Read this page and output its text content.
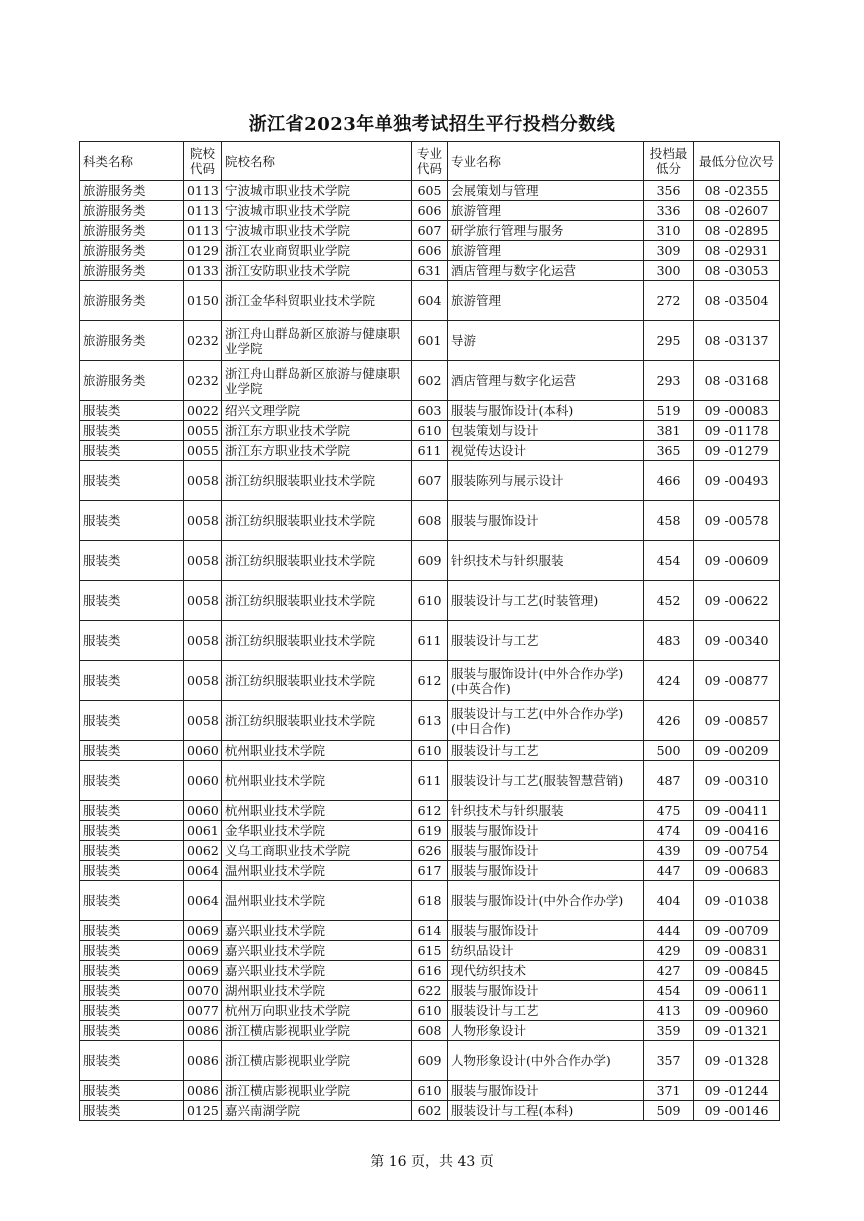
浙江省2023年单独考试招生平行投档分数线
科类名称	院校代码	院校名称	专业代码	专业名称	投档最低分	最低分位次号
旅游服务类	0113	宁波城市职业技术学院	605	会展策划与管理	356	08 -02355
旅游服务类	0113	宁波城市职业技术学院	606	旅游管理	336	08 -02607
旅游服务类	0113	宁波城市职业技术学院	607	研学旅行管理与服务	310	08 -02895
旅游服务类	0129	浙江农业商贸职业学院	606	旅游管理	309	08 -02931
旅游服务类	0133	浙江安防职业技术学院	631	酒店管理与数字化运营	300	08 -03053
旅游服务类	0150	浙江金华科贸职业技术学院	604	旅游管理	272	08 -03504
旅游服务类	0232	浙江舟山群岛新区旅游与健康职业学院	601	导游	295	08 -03137
旅游服务类	0232	浙江舟山群岛新区旅游与健康职业学院	602	酒店管理与数字化运营	293	08 -03168
服装类	0022	绍兴文理学院	603	服装与服饰设计(本科)	519	09 -00083
服装类	0055	浙江东方职业技术学院	610	包装策划与设计	381	09 -01178
服装类	0055	浙江东方职业技术学院	611	视觉传达设计	365	09 -01279
服装类	0058	浙江纺织服装职业技术学院	607	服装陈列与展示设计	466	09 -00493
服装类	0058	浙江纺织服装职业技术学院	608	服装与服饰设计	458	09 -00578
服装类	0058	浙江纺织服装职业技术学院	609	针织技术与针织服装	454	09 -00609
服装类	0058	浙江纺织服装职业技术学院	610	服装设计与工艺(时装管理)	452	09 -00622
服装类	0058	浙江纺织服装职业技术学院	611	服装设计与工艺	483	09 -00340
服装类	0058	浙江纺织服装职业技术学院	612	服装与服饰设计(中外合作办学)(中英合作)	424	09 -00877
服装类	0058	浙江纺织服装职业技术学院	613	服装设计与工艺(中外合作办学)(中日合作)	426	09 -00857
服装类	0060	杭州职业技术学院	610	服装设计与工艺	500	09 -00209
服装类	0060	杭州职业技术学院	611	服装设计与工艺(服装智慧营销)	487	09 -00310
服装类	0060	杭州职业技术学院	612	针织技术与针织服装	475	09 -00411
服装类	0061	金华职业技术学院	619	服装与服饰设计	474	09 -00416
服装类	0062	义乌工商职业技术学院	626	服装与服饰设计	439	09 -00754
服装类	0064	温州职业技术学院	617	服装与服饰设计	447	09 -00683
服装类	0064	温州职业技术学院	618	服装与服饰设计(中外合作办学)	404	09 -01038
服装类	0069	嘉兴职业技术学院	614	服装与服饰设计	444	09 -00709
服装类	0069	嘉兴职业技术学院	615	纺织品设计	429	09 -00831
服装类	0069	嘉兴职业技术学院	616	现代纺织技术	427	09 -00845
服装类	0070	湖州职业技术学院	622	服装与服饰设计	454	09 -00611
服装类	0077	杭州万向职业技术学院	610	服装设计与工艺	413	09 -00960
服装类	0086	浙江横店影视职业学院	608	人物形象设计	359	09 -01321
服装类	0086	浙江横店影视职业学院	609	人物形象设计(中外合作办学)	357	09 -01328
服装类	0086	浙江横店影视职业学院	610	服装与服饰设计	371	09 -01244
服装类	0125	嘉兴南湖学院	602	服装设计与工程(本科)	509	09 -00146
第 16 页，共 43 页
